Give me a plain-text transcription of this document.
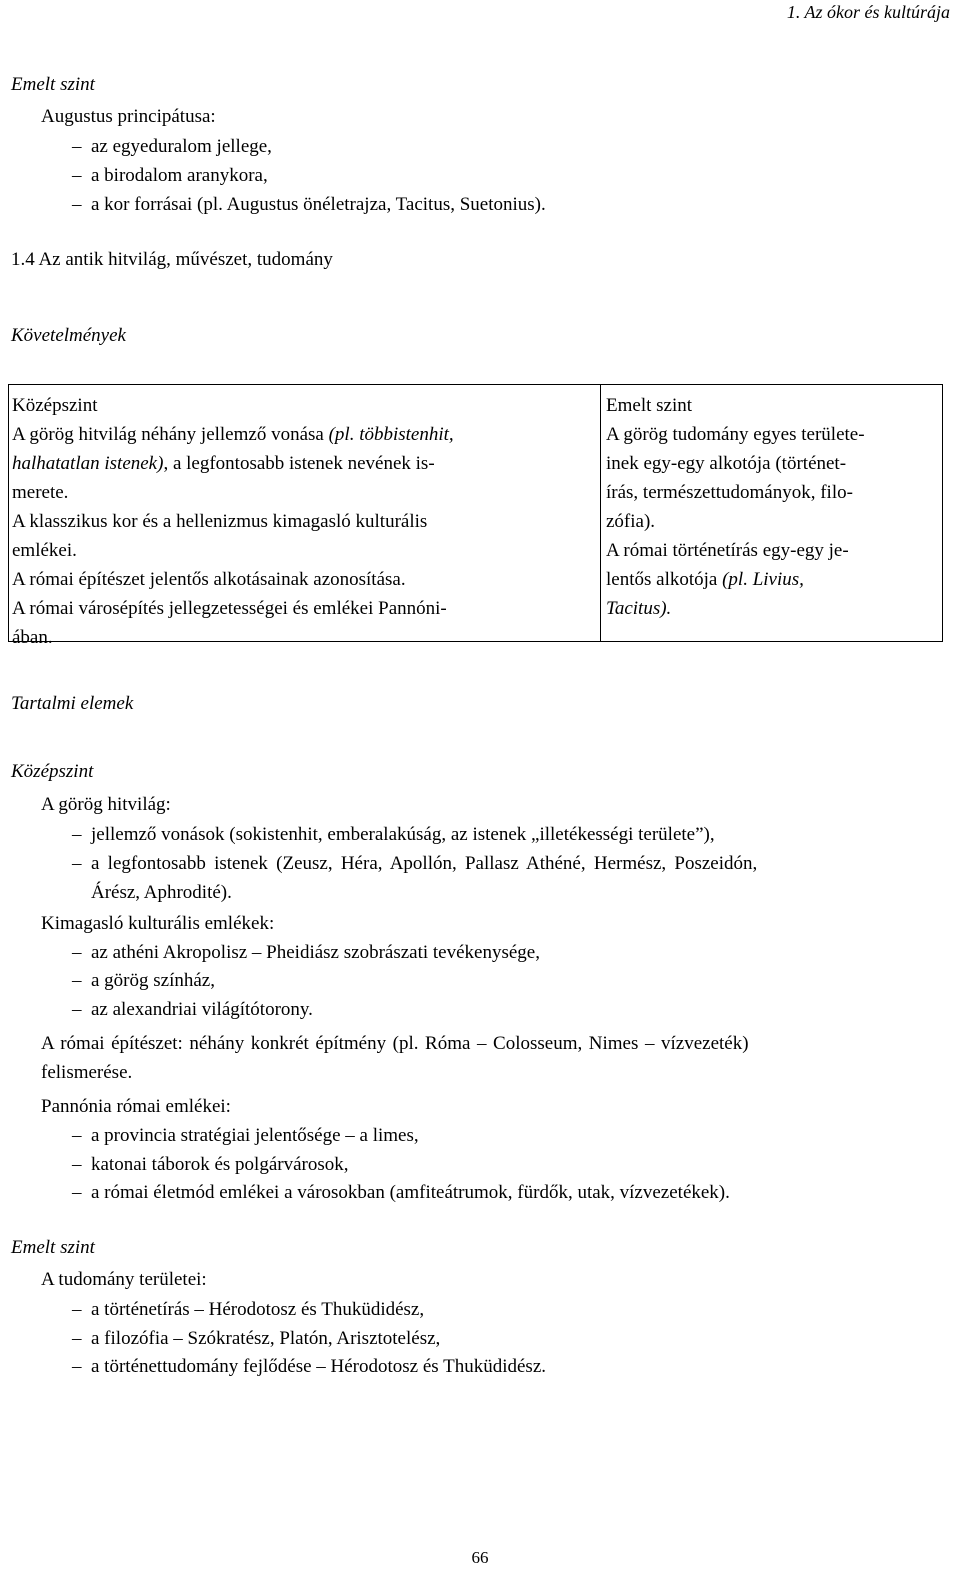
1. Az ókor és kultúrája
Emelt szint
Augustus principátusa:
– az egyeduralom jellege,
– a birodalom aranykora,
– a kor forrásai (pl. Augustus önéletrajza, Tacitus, Suetonius).
1.4 Az antik hitvilág, művészet, tudomány
Követelmények
Középszint
A görög hitvilág néhány jellemző vonása (pl. többistenhit,
halhatatlan istenek), a legfontosabb istenek nevének is-
merete.
A klasszikus kor és a hellenizmus kimagasló kulturális
emlékei.
A római építészet jelentős alkotásainak azonosítása.
A római városépítés jellegzetességei és emlékei Pannóni-
ában.
Emelt szint
A görög tudomány egyes területe-
inek egy-egy alkotója (történet-
írás, természettudományok, filo-
zófia).
A római történetírás egy-egy je-
lentős alkotója (pl. Livius,
Tacitus).
Tartalmi elemek
Középszint
A görög hitvilág:
– jellemző vonások (sokistenhit, emberalakúság, az istenek „illetékességi területe”),
– a legfontosabb istenek (Zeusz, Héra, Apollón, Pallasz Athéné, Hermész, Poszeidón,
Árész, Aphrodité).
Kimagasló kulturális emlékek:
– az athéni Akropolisz – Pheidiász szobrászati tevékenysége,
– a görög színház,
– az alexandriai világítótorony.
A római építészet: néhány konkrét építmény (pl. Róma – Colosseum, Nimes – vízvezeték)
felismerése.
Pannónia római emlékei:
– a provincia stratégiai jelentősége – a limes,
– katonai táborok és polgárvárosok,
– a római életmód emlékei a városokban (amfiteátrumok, fürdők, utak, vízvezetékek).
Emelt szint
A tudomány területei:
– a történetírás – Hérodotosz és Thuküdidész,
– a filozófia – Szókratész, Platón, Arisztotelész,
– a történettudomány fejlődése – Hérodotosz és Thuküdidész.
66
